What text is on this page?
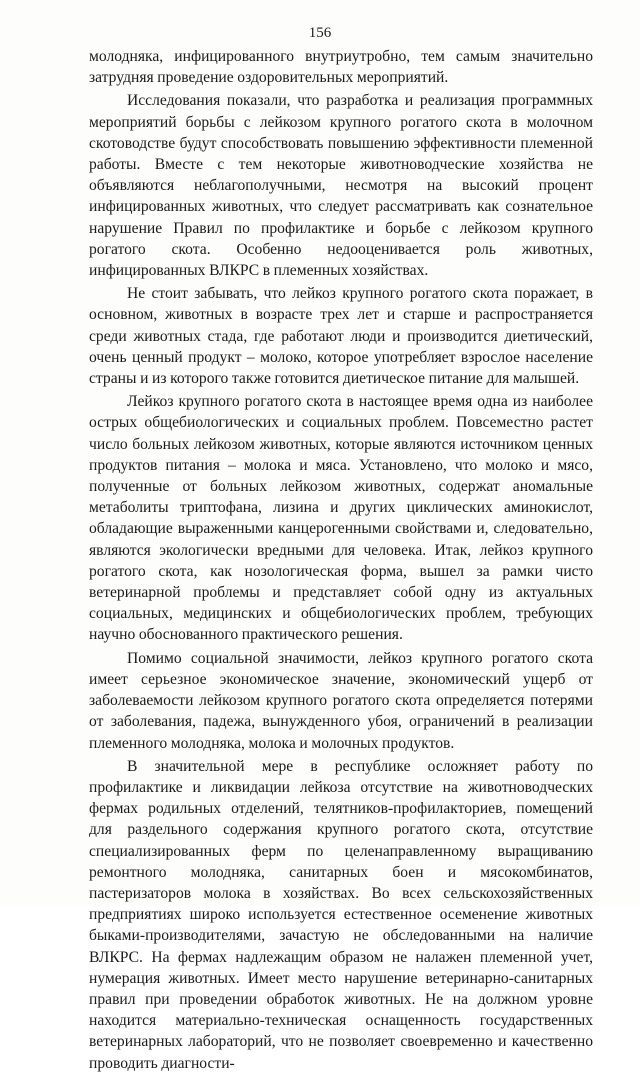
156

молодняка, инфицированного внутриутробно, тем самым значительно затрудняя проведение оздоровительных мероприятий.

Исследования показали, что разработка и реализация программных мероприятий борьбы с лейкозом крупного рогатого скота в молочном скотоводстве будут способствовать повышению эффективности племенной работы. Вместе с тем некоторые животноводческие хозяйства не объявляются неблагополучными, несмотря на высокий процент инфицированных животных, что следует рассматривать как сознательное нарушение Правил по профилактике и борьбе с лейкозом крупного рогатого скота. Особенно недооценивается роль животных, инфицированных ВЛКРС в племенных хозяйствах.

Не стоит забывать, что лейкоз крупного рогатого скота поражает, в основном, животных в возрасте трех лет и старше и распространяется среди животных стада, где работают люди и производится диетический, очень ценный продукт – молоко, которое употребляет взрослое население страны и из которого также готовится диетическое питание для малышей.

Лейкоз крупного рогатого скота в настоящее время одна из наиболее острых общебиологических и социальных проблем. Повсеместно растет число больных лейкозом животных, которые являются источником ценных продуктов питания – молока и мяса. Установлено, что молоко и мясо, полученные от больных лейкозом животных, содержат аномальные метаболиты триптофана, лизина и других циклических аминокислот, обладающие выраженными канцерогенными свойствами и, следовательно, являются экологически вредными для человека. Итак, лейкоз крупного рогатого скота, как нозологическая форма, вышел за рамки чисто ветеринарной проблемы и представляет собой одну из актуальных социальных, медицинских и общебиологических проблем, требующих научно обоснованного практического решения.

Помимо социальной значимости, лейкоз крупного рогатого скота имеет серьезное экономическое значение, экономический ущерб от заболеваемости лейкозом крупного рогатого скота определяется потерями от заболевания, падежа, вынужденного убоя, ограничений в реализации племенного молодняка, молока и молочных продуктов.

В значительной мере в республике осложняет работу по профилактике и ликвидации лейкоза отсутствие на животноводческих фермах родильных отделений, телятников-профилакториев, помещений для раздельного содержания крупного рогатого скота, отсутствие специализированных ферм по целенаправленному выращиванию ремонтного молодняка, санитарных боен и мясокомбинатов, пастеризаторов молока в хозяйствах. Во всех сельскохозяйственных предприятиях широко используется естественное осеменение животных быками-производителями, зачастую не обследованными на наличие ВЛКРС. На фермах надлежащим образом не налажен племенной учет, нумерация животных. Имеет место нарушение ветеринарно-санитарных правил при проведении обработок животных. Не на должном уровне находится материально-техническая оснащенность государственных ветеринарных лабораторий, что не позволяет своевременно и качественно проводить диагности-
